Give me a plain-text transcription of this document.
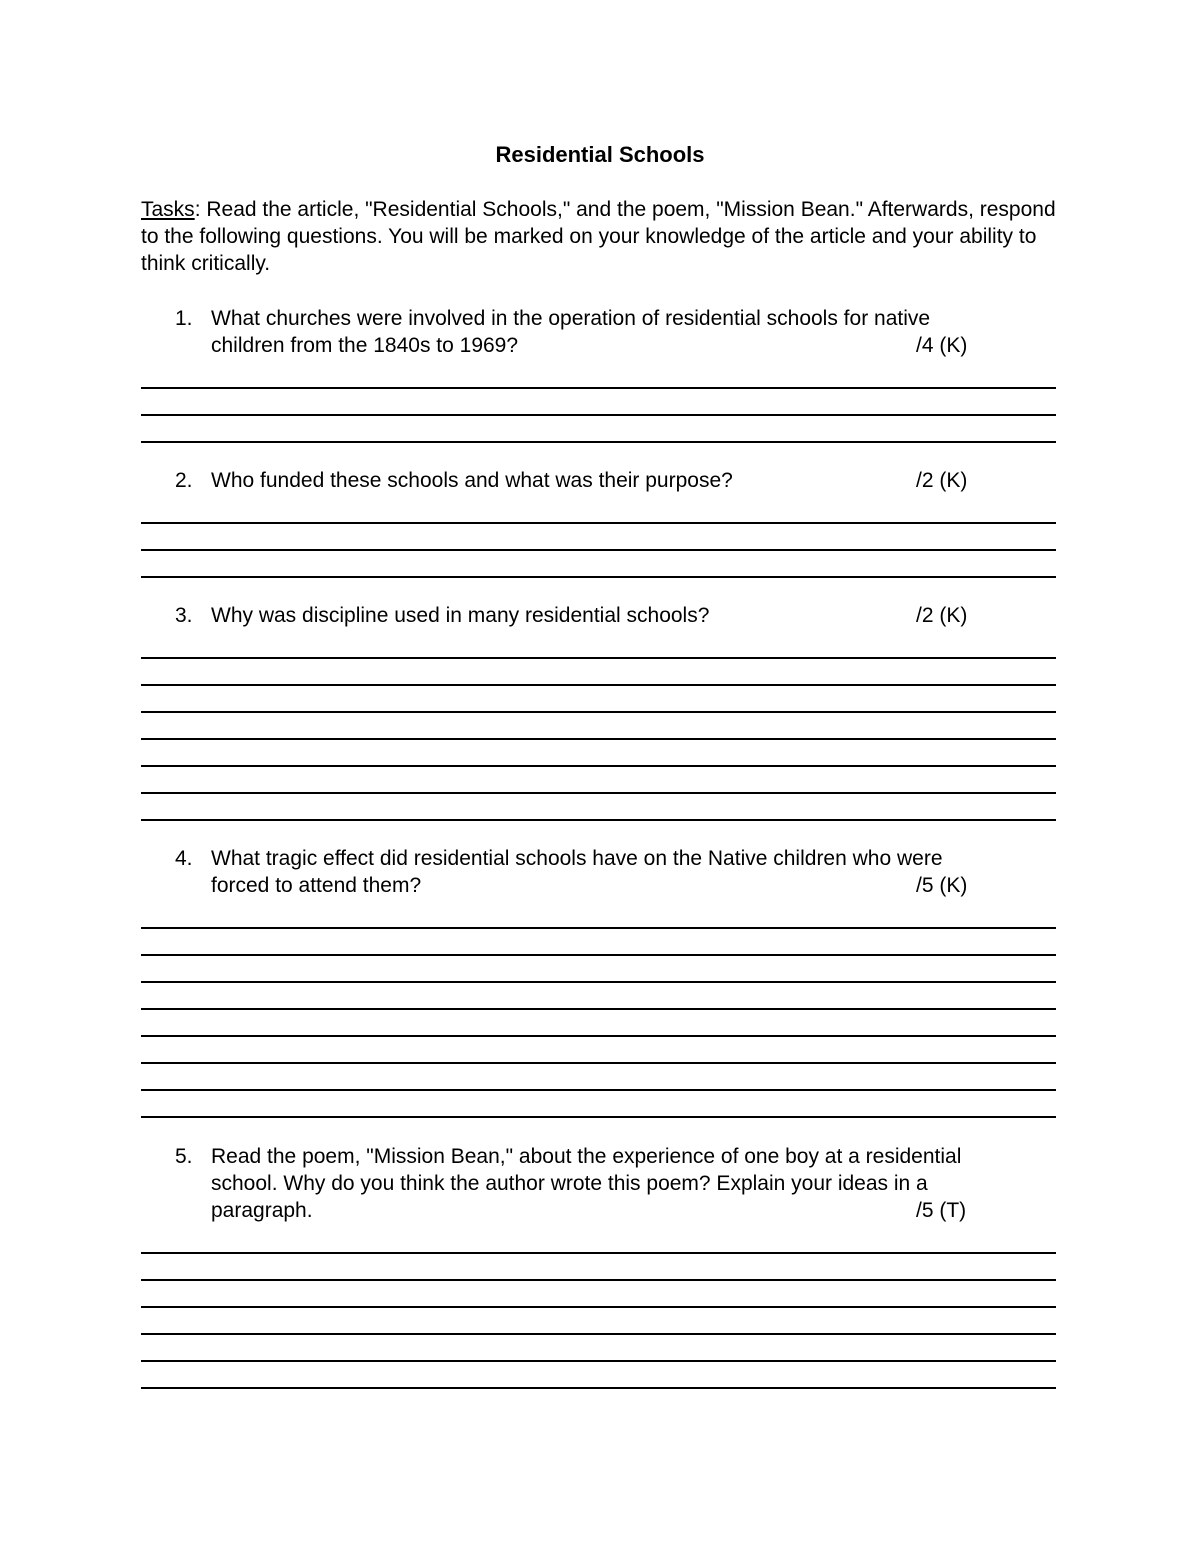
Residential Schools
Tasks: Read the article, "Residential Schools," and the poem, "Mission Bean." Afterwards, respond to the following questions. You will be marked on your knowledge of the article and your ability to think critically.
1. What churches were involved in the operation of residential schools for native
children from the 1840s to 1969?	/4 (K)
2. Who funded these schools and what was their purpose?	/2 (K)
3. Why was discipline used in many residential schools?	/2 (K)
4. What tragic effect did residential schools have on the Native children who were
forced to attend them?	/5 (K)
5. Read the poem, "Mission Bean," about the experience of one boy at a residential
school. Why do you think the author wrote this poem? Explain your ideas in a
paragraph.	/5 (T)
